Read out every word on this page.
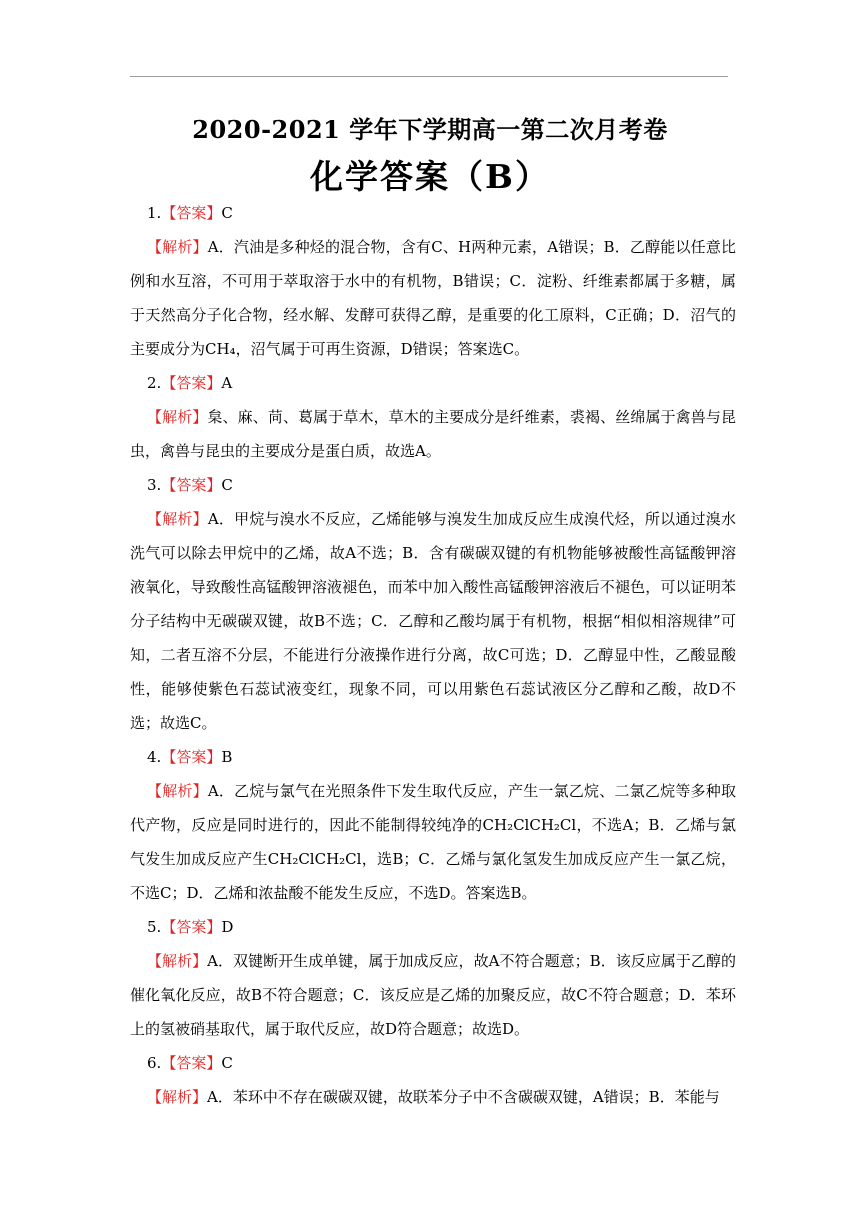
2020-2021 学年下学期高一第二次月考卷
化学答案（B）

1.【答案】C

【解析】A．汽油是多种烃的混合物，含有C、H两种元素，A错误；B．乙醇能以任意比例和水互溶，不可用于萃取溶于水中的有机物，B错误；C．淀粉、纤维素都属于多糖，属于天然高分子化合物，经水解、发酵可获得乙醇，是重要的化工原料，C正确；D．沼气的主要成分为CH₄，沼气属于可再生资源，D错误；答案选C。

2.【答案】A

【解析】枲、麻、苘、葛属于草木，草木的主要成分是纤维素，裘褐、丝绵属于禽兽与昆虫，禽兽与昆虫的主要成分是蛋白质，故选A。

3.【答案】C

【解析】A．甲烷与溴水不反应，乙烯能够与溴发生加成反应生成溴代烃，所以通过溴水洗气可以除去甲烷中的乙烯，故A不选；B．含有碳碳双键的有机物能够被酸性高锰酸钾溶液氧化，导致酸性高锰酸钾溶液褪色，而苯中加入酸性高锰酸钾溶液后不褪色，可以证明苯分子结构中无碳碳双键，故B不选；C．乙醇和乙酸均属于有机物，根据“相似相溶规律”可知，二者互溶不分层，不能进行分液操作进行分离，故C可选；D．乙醇显中性，乙酸显酸性，能够使紫色石蕊试液变红，现象不同，可以用紫色石蕊试液区分乙醇和乙酸，故D不选；故选C。

4.【答案】B

【解析】A．乙烷与氯气在光照条件下发生取代反应，产生一氯乙烷、二氯乙烷等多种取代产物，反应是同时进行的，因此不能制得较纯净的CH₂ClCH₂Cl，不选A；B．乙烯与氯气发生加成反应产生CH₂ClCH₂Cl，选B；C．乙烯与氯化氢发生加成反应产生一氯乙烷，不选C；D．乙烯和浓盐酸不能发生反应，不选D。答案选B。

5.【答案】D

【解析】A．双键断开生成单键，属于加成反应，故A不符合题意；B．该反应属于乙醇的催化氧化反应，故B不符合题意；C．该反应是乙烯的加聚反应，故C不符合题意；D．苯环上的氢被硝基取代，属于取代反应，故D符合题意；故选D。

6.【答案】C

【解析】A．苯环中不存在碳碳双键，故联苯分子中不含碳碳双键，A错误；B．苯能与
